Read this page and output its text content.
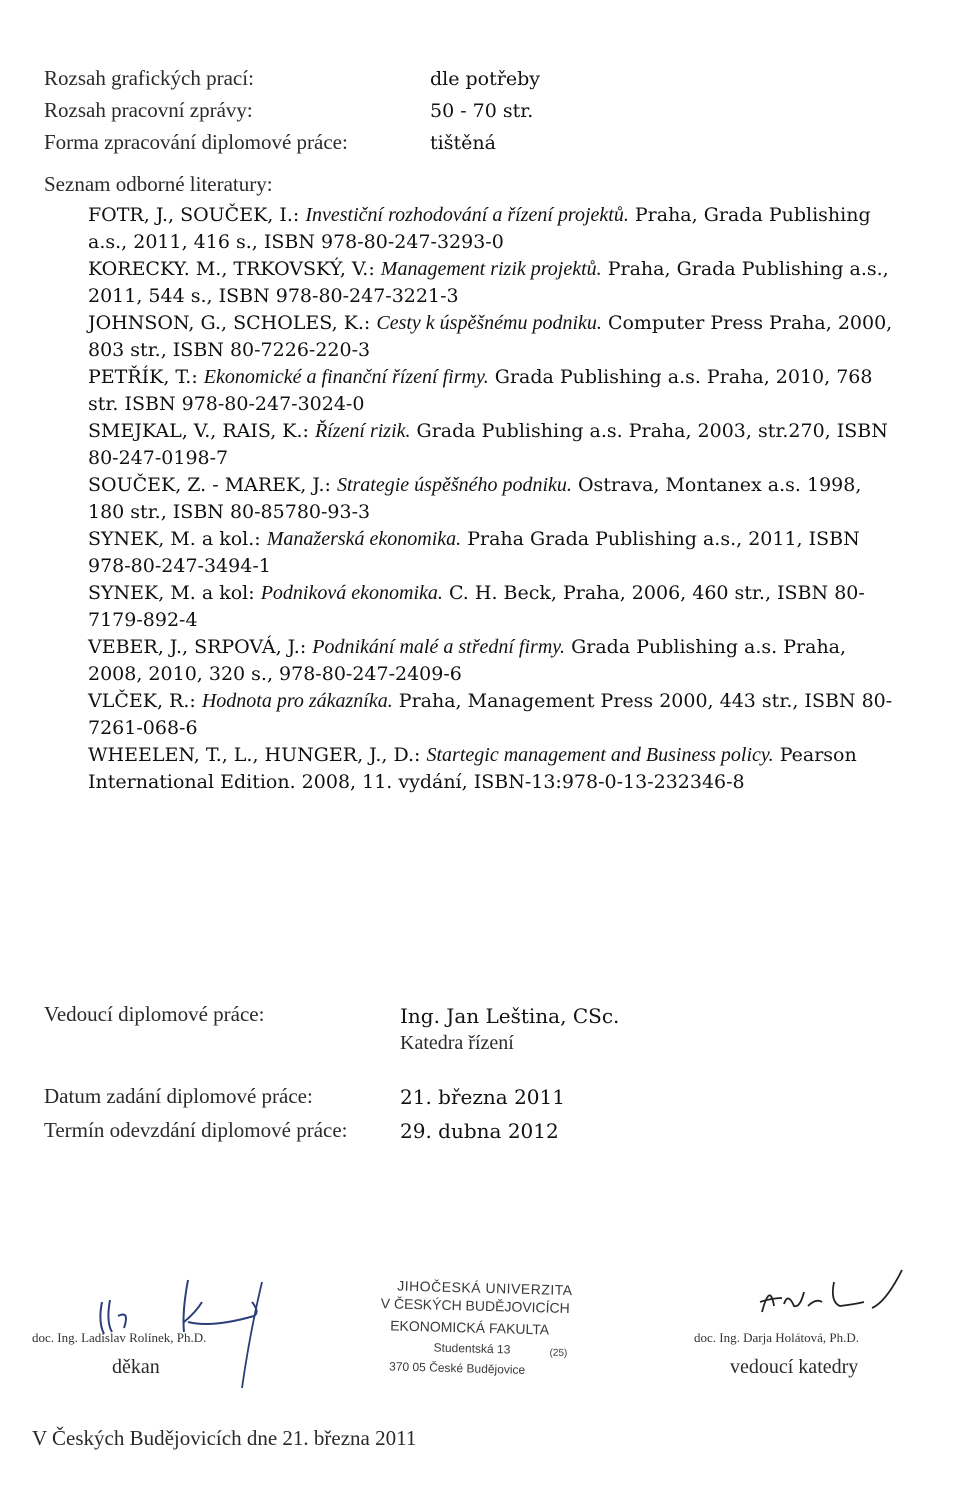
Rozsah grafických prací:	dle potřeby
Rozsah pracovní zprávy:	50 - 70 str.
Forma zpracování diplomové práce:	tištěná
Seznam odborné literatury:

FOTR, J., SOUČEK, I.: Investiční rozhodování a řízení projektů. Praha, Grada Publishing a.s., 2011, 416 s., ISBN 978-80-247-3293-0

KORECKY. M., TRKOVSKÝ, V.: Management rizik projektů. Praha, Grada Publishing a.s., 2011, 544 s., ISBN 978-80-247-3221-3

JOHNSON, G., SCHOLES, K.: Cesty k úspěšnému podniku. Computer Press Praha, 2000, 803 str., ISBN 80-7226-220-3

PETŘÍK, T.: Ekonomické a finanční řízení firmy. Grada Publishing a.s. Praha, 2010, 768 str. ISBN 978-80-247-3024-0

SMEJKAL, V., RAIS, K.: Řízení rizik. Grada Publishing a.s. Praha, 2003, str.270, ISBN 80-247-0198-7

SOUČEK, Z. - MAREK, J.: Strategie úspěšného podniku. Ostrava, Montanex a.s. 1998, 180 str., ISBN 80-85780-93-3

SYNEK, M. a kol.: Manažerská ekonomika. Praha Grada Publishing a.s., 2011, ISBN 978-80-247-3494-1

SYNEK, M. a kol: Podniková ekonomika. C. H. Beck, Praha, 2006, 460 str., ISBN 80-7179-892-4

VEBER, J., SRPOVÁ, J.: Podnikání malé a střední firmy. Grada Publishing a.s. Praha, 2008, 2010, 320 s., 978-80-247-2409-6

VLČEK, R.: Hodnota pro zákazníka. Praha, Management Press 2000, 443 str., ISBN 80-7261-068-6

WHEELEN, T., L., HUNGER, J., D.: Startegic management and Business policy. Pearson International Edition. 2008, 11. vydání, ISBN-13:978-0-13-232346-8

Vedoucí diplomové práce:	Ing. Jan Leština, CSc.
Katedra řízení
Datum zadání diplomové práce:	21. března 2011
Termín odevzdání diplomové práce:	29. dubna 2012
doc. Ing. Ladislav Rolínek, Ph.D.
děkan
JIHOČESKÁ UNIVERZITA
V ČESKÝCH BUDĚJOVICÍCH
EKONOMICKÁ FAKULTA
Studentská 13	(25)
370 05 České Budějovice
doc. Ing. Darja Holátová, Ph.D.
vedoucí katedry
V Českých Budějovicích dne 21. března 2011
